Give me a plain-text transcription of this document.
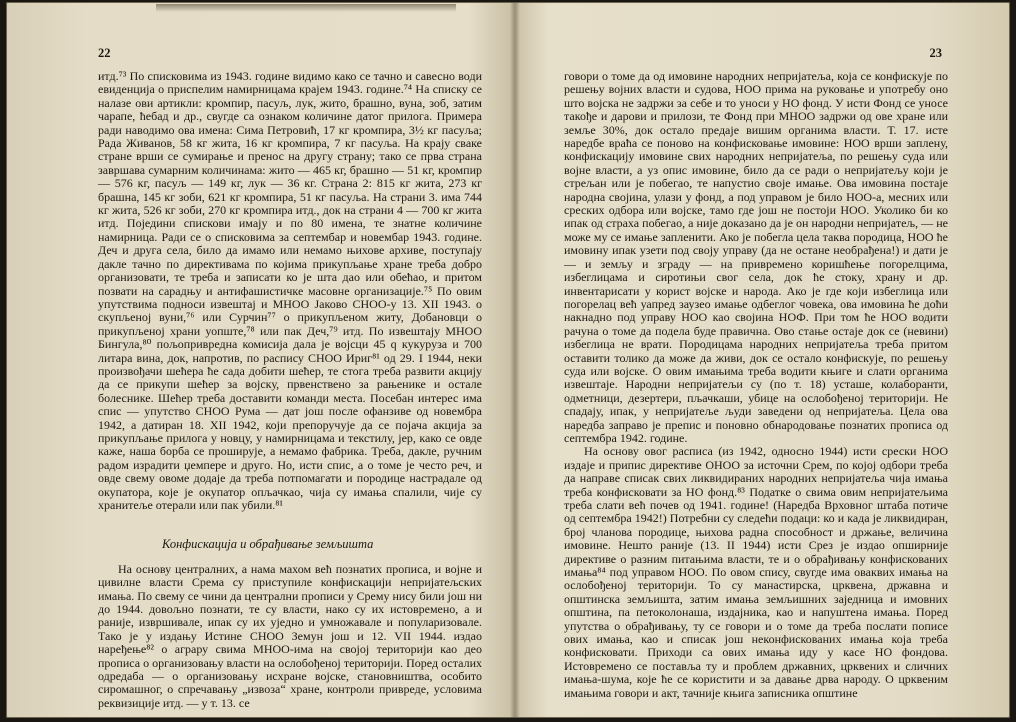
22

итд.⁷³ По списковима из 1943. године видимо како се тачно и савесно води евиденција о приспелим намирницама крајем 1943. године.⁷⁴ На списку се налазе ови артикли: кромпир, пасуљ, лук, жито, брашно, вуна, зоб, затим чарапе, ћебад и др., свугде са ознаком количине датог прилога. Примера ради наводимо ова имена: Сима Петровић, 17 кг кромпира, 3½ кг пасуља; Рада Живанов, 58 кг жита, 16 кг кромпира, 7 кг пасуља. На крају сваке стране врши се сумирање и пренос на другу страну; тако се прва страна завршава сумарним количинама: жито — 465 кг, брашно — 51 кг, кромпир — 576 кг, пасуљ — 149 кг, лук — 36 кг. Страна 2: 815 кг жита, 273 кг брашна, 145 кг зоби, 621 кг кромпира, 51 кг пасуља. На страни 3. има 744 кг жита, 526 кг зоби, 270 кг кромпира итд., док на страни 4 — 700 кг жита итд. Поједини спискови имају и по 80 имена, те знатне количине намирница. Ради се о списковима за септембар и новембар 1943. године. Деч и друга села, било да имамо или немамо њихове архиве, поступају дакле тачно по директивама по којима прикупљање хране треба добро организовати, те треба и записати ко је шта дао или обећао, и притом позвати на сарадњу и антифашистичке масовне организације.⁷⁵ По овим упутствима подноси извештај и МНОО Јаково СНОО-у 13. XII 1943. о скупљеној вуни,⁷⁶ или Сурчин⁷⁷ о прикупљеном житу, Добановци о прикупљеној храни уопште,⁷⁸ или пак Деч,⁷⁹ итд. По извештају МНОО Бингула,⁸⁰ пољопривредна комисија дала је војсци 45 q кукуруза и 700 литара вина, док, напротив, по распису СНОО Ириг⁸¹ од 29. I 1944, неки произвођачи шећера ће сада добити шећер, те стога треба развити акцију да се прикупи шећер за војску, првенствено за рањенике и остале болеснике. Шећер треба доставити команди места. Посебан интерес има спис — упутство СНОО Рума — дат још после офанзиве од новембра 1942, а датиран 18. XII 1942, који препоручује да се појача акција за прикупљање прилога у новцу, у намирницама и текстилу, јер, како се овде каже, наша борба се проширује, а немамо фабрика. Треба, дакле, ручним радом израдити џемпере и друго. Но, исти спис, а о томе је често реч, и овде свему овоме додаје да треба потпомагати и породице настрадале од окупатора, које је окупатор опљачкао, чија су имања спалили, чије су хранитеље отерали или пак убили.⁸¹

Конфискација и обрађивање земљишта

На основу централних, а нама махом већ познатих прописа, и војне и цивилне власти Срема су приступиле конфискацији непријатељских имања. По свему се чини да централни прописи у Срему нису били још ни до 1944. довољно познати, те су власти, нако су их истовремено, а и раније, извршивале, ипак су их уједно и умножавале и популаризовале. Тако је у издању Истине СНОО Земун још и 12. VII 1944. издао наређење⁸² о аграру свима МНОО-има на својој територији као део прописа о организовању власти на ослобођеној територији. Поред осталих одредаба — о организовању исхране војске, становништва, особито сиромашног, о спречавању „извоза“ хране, контроли привреде, условима реквизиције итд. — у т. 13. се

23

говори о томе да од имовине народних непријатеља, која се конфискује по решењу војних власти и судова, НОО прима на руковање и употребу оно што војска не задржи за себе и то уноси у НО фонд. У исти Фонд се уносе такође и дарови и прилози, те Фонд при МНОО задржи од ове хране или земље 30%, док остало предаје вишим органима власти. Т. 17. исте наредбе враћа се поново на конфисковање имовине: НОО врши заплену, конфискацију имовине свих народних непријатеља, по решењу суда или војне власти, а уз опис имовине, било да се ради о непријатељу који је стрељан или је побегао, те напустио своје имање. Ова имовина постаје народна својина, улази у фонд, а под управом је било НОО-а, месних или среских одбора или војске, тамо где још не постоји НОО. Уколико би ко ипак од страха побегао, а није доказано да је он народни непријатељ, — не може му се имање запленити. Ако је побегла цела таква породица, НОО ће имовину ипак узети под своју управу (да не остане необрађена!) и дати је — и земљу и зграду — на привремено коришћење погорелцима, избеглицама и сиротињи свог села, док ће стоку, храну и др. инвентарисати у корист војске и народа. Ако је где који избеглица или погорелац већ уапред заузео имање одбеглог човека, ова имовина ће доћи накнадно под управу НОО као својина НОФ. При том ће НОО водити рачуна о томе да подела буде правична. Ово стање остаје док се (невини) избеглица не врати. Породицама народних непријатеља треба притом оставити толико да може да живи, док се остало конфискује, по решењу суда или војске. О овим имањима треба водити књиге и слати органима извештаје. Народни непријатељи су (по т. 18) усташе, колаборанти, одметници, дезертери, пљачкаши, убице на ослобођеној територији. Не спадају, ипак, у непријатеље људи заведени од непријатеља. Цела ова наредба заправо је препис и поновно обнародовање познатих прописа од септембра 1942. године.

На основу овог расписа (из 1942, односно 1944) исти срески НОО издаје и припис директиве ОНОО за источни Срем, по којој одбори треба да направе списак свих ликвидираних народних непријатеља чија имања треба конфисковати за НО фонд.⁸³ Податке о свима овим непријатељима треба слати већ почев од 1941. године! (Наредба Врховног штаба потиче од септембра 1942!) Потребни су следећи подаци: ко и када је ликвидиран, број чланова породице, њихова радна способност и држање, величина имовине. Нешто раније (13. II 1944) исти Срез је издао опширније директиве о разним питањима власти, те и о обрађивању конфискованих имања⁸⁴ под управом НОО. По овом спису, свугде има оваквих имања на ослобођеној територији. То су манастирска, црквена, државна и општинска земљишта, затим имања земљишних заједница и имовних општина, па петоколонаша, издајника, као и напуштена имања. Поред упутства о обрађивању, ту се говори и о томе да треба послати пописе ових имања, као и списак још неконфискованих имања која треба конфисковати. Приходи са ових имања иду у касе НО фондова. Истовремено се поставља ту и проблем државних, црквених и сличних имања-шума, које ће се користити и за давање дрва народу. О црквеним имањима говори и акт, тачније књига записника општине
